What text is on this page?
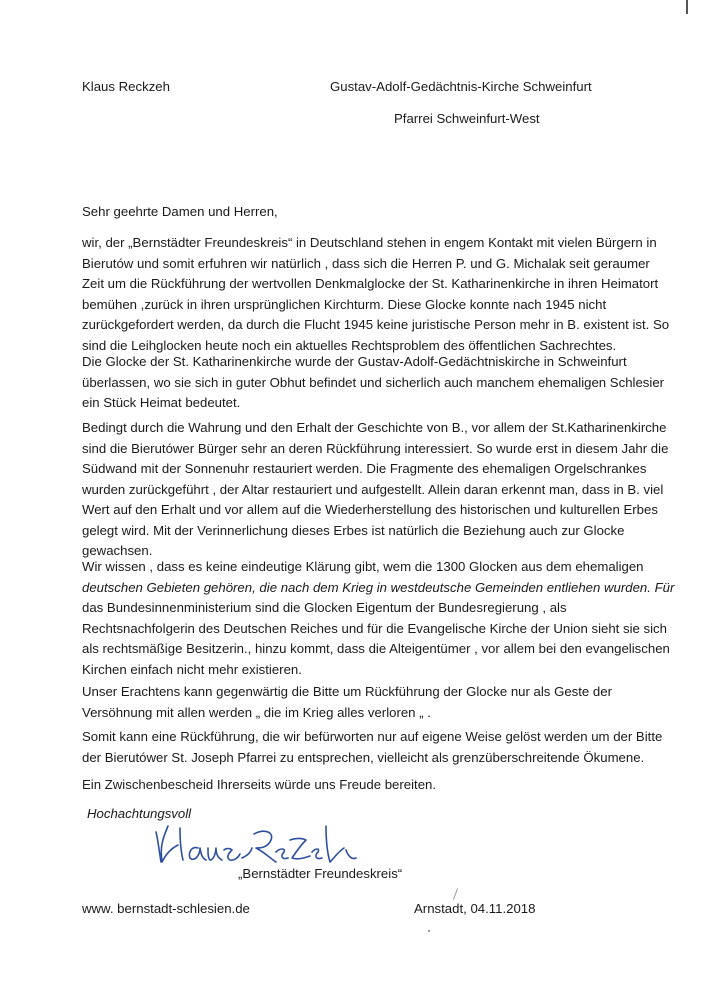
Klaus Reckzeh	Gustav-Adolf-Gedächtnis-Kirche Schweinfurt
Pfarrei Schweinfurt-West
Sehr geehrte Damen und Herren,
wir, der „Bernstädter Freundeskreis“ in Deutschland stehen in engem Kontakt mit vielen Bürgern in
Bierutów und somit erfuhren wir natürlich , dass sich die Herren P. und G. Michalak seit geraumer
Zeit um die Rückführung der wertvollen Denkmalglocke der St. Katharinenkirche in ihren Heimatort
bemühen ,zurück in ihren ursprünglichen Kirchturm. Diese Glocke konnte nach 1945 nicht
zurückgefordert werden, da durch die Flucht 1945 keine juristische Person mehr in B. existent ist. So
sind die Leihglocken heute noch ein aktuelles Rechtsproblem des öffentlichen Sachrechtes.
Die Glocke der St. Katharinenkirche wurde der Gustav-Adolf-Gedächtniskirche in Schweinfurt
überlassen, wo sie sich in guter Obhut befindet und sicherlich auch manchem ehemaligen Schlesier
ein Stück Heimat bedeutet.
Bedingt durch die Wahrung und den Erhalt der Geschichte von B., vor allem der St.Katharinenkirche
sind die Bierutówer Bürger sehr an deren Rückführung interessiert. So wurde erst in diesem Jahr die
Südwand mit der Sonnenuhr restauriert werden. Die Fragmente des ehemaligen Orgelschrankes
wurden zurückgeführt , der Altar restauriert und aufgestellt. Allein daran erkennt man, dass in B. viel
Wert auf den Erhalt und vor allem auf die Wiederherstellung des historischen und kulturellen Erbes
gelegt wird. Mit der Verinnerlichung dieses Erbes ist natürlich die Beziehung auch zur Glocke
gewachsen.
Wir wissen , dass es keine eindeutige Klärung gibt, wem die 1300 Glocken aus dem ehemaligen
deutschen Gebieten gehören, die nach dem Krieg in westdeutsche Gemeinden entliehen wurden. Für
das Bundesinnenministerium sind die Glocken Eigentum der Bundesregierung , als
Rechtsnachfolgerin des Deutschen Reiches und für die Evangelische Kirche der Union sieht sie sich
als rechtsmäßige Besitzerin., hinzu kommt, dass die Alteigentümer , vor allem bei den evangelischen
Kirchen einfach nicht mehr existieren.
Unser Erachtens kann gegenwärtig die Bitte um Rückführung der Glocke nur als Geste der
Versöhnung mit allen werden „ die im Krieg alles verloren „ .
Somit kann eine Rückführung, die wir befürworten nur auf eigene Weise gelöst werden um der Bitte
der Bierutówer St. Joseph Pfarrei zu entsprechen, vielleicht als grenzüberschreitende Ökumene.
Ein Zwischenbescheid Ihrerseits würde uns Freude bereiten.
Hochachtungsvoll
„Bernstädter Freundeskreis“
www. bernstadt-schlesien.de	Arnstadt, 04.11.2018
